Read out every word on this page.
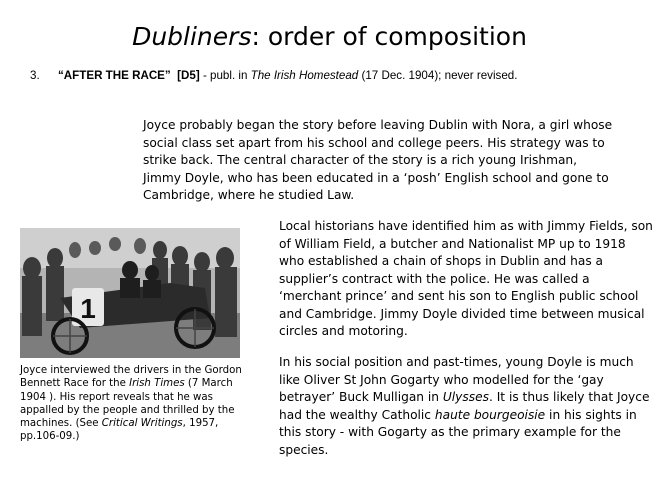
Dubliners: order of composition
3. “AFTER THE RACE” [D5] - publ. in The Irish Homestead (17 Dec. 1904); never revised.
Joyce probably began the story before leaving Dublin with Nora, a girl whose social class set apart from his school and college peers. His strategy was to strike back. The central character of the story is a rich young Irishman, Jimmy Doyle, who has been educated in a ‘posh’ English school and gone to Cambridge, where he studied Law.
1
Local historians have identified him as with Jimmy Fields, son of William Field, a butcher and Nationalist MP up to 1918 who established a chain of shops in Dublin and has a supplier’s contract with the police. He was called a ‘merchant prince’ and sent his son to English public school and Cambridge. Jimmy Doyle divided time between musical circles and motoring.
In his social position and past-times, young Doyle is much like Oliver St John Gogarty who modelled for the ‘gay betrayer’ Buck Mulligan in Ulysses. It is thus likely that Joyce had the wealthy Catholic haute bourgeoisie in his sights in this story - with Gogarty as the primary example for the species.
Joyce interviewed the drivers in the Gordon Bennett Race for the Irish Times (7 March 1904 ). His report reveals that he was appalled by the people and thrilled by the machines. (See Critical Writings, 1957, pp.106-09.)
